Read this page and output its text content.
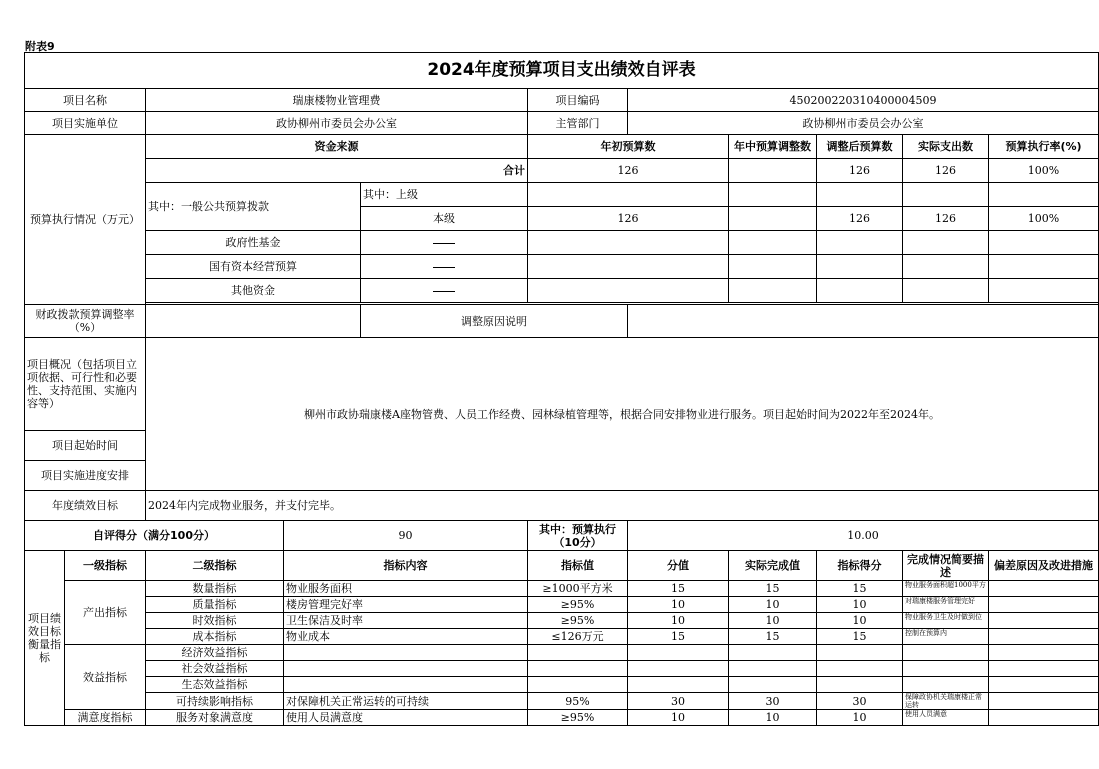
附表9
2024年度预算项目支出绩效自评表										
项目名称		瑞康楼物业管理费			项目编码	450200220310400004509				
项目实施单位		政协柳州市委员会办公室			主管部门	政协柳州市委员会办公室				
预算执行情况（万元）		资金来源			年初预算数		年中预算调整数	调整后预算数	实际支出数	预算执行率(%)
		合计			126			126	126	100%
		其中：一般公共预算拨款		其中：上级						
				本级	126			126	126	100%
		政府性基金								
		国有资本经营预算								
		其他资金								

财政拨款预算调整率（%）				调整原因说明						
项目概况（包括项目立项依据、可行性和必要性、支持范围、实施内容等）		柳州市政协瑞康楼A座物管费、人员工作经费、园林绿植管理等，根据合同安排物业进行服务。项目起始时间为2022年至2024年。								
项目起始时间										
项目实施进度安排										
年度绩效目标		2024年内完成物业服务，并支付完毕。								
自评得分（满分100分）			90		其中：预算执行（10分）	10.00				
项目绩效目标衡量指标	一级指标	二级指标	指标内容		指标值	分值	实际完成值	指标得分	完成情况简要描述	偏差原因及改进措施
	产出指标	数量指标	物业服务面积		≥1000平方米	15	15	15	物业服务面积超1000平方	
		质量指标	楼房管理完好率		≥95%	10	10	10	对瑞康楼服务管理完好	
		时效指标	卫生保洁及时率		≥95%	10	10	10	物业服务卫生及时做到位	
		成本指标	物业成本		≤126万元	15	15	15	控制在预算内	
	效益指标	经济效益指标								
		社会效益指标								
		生态效益指标								
		可持续影响指标	对保障机关正常运转的可持续		95%	30	30	30	保障政协机关瑞康楼正常运转	
	满意度指标	服务对象满意度	使用人员满意度		≥95%	10	10	10	使用人员满意	
